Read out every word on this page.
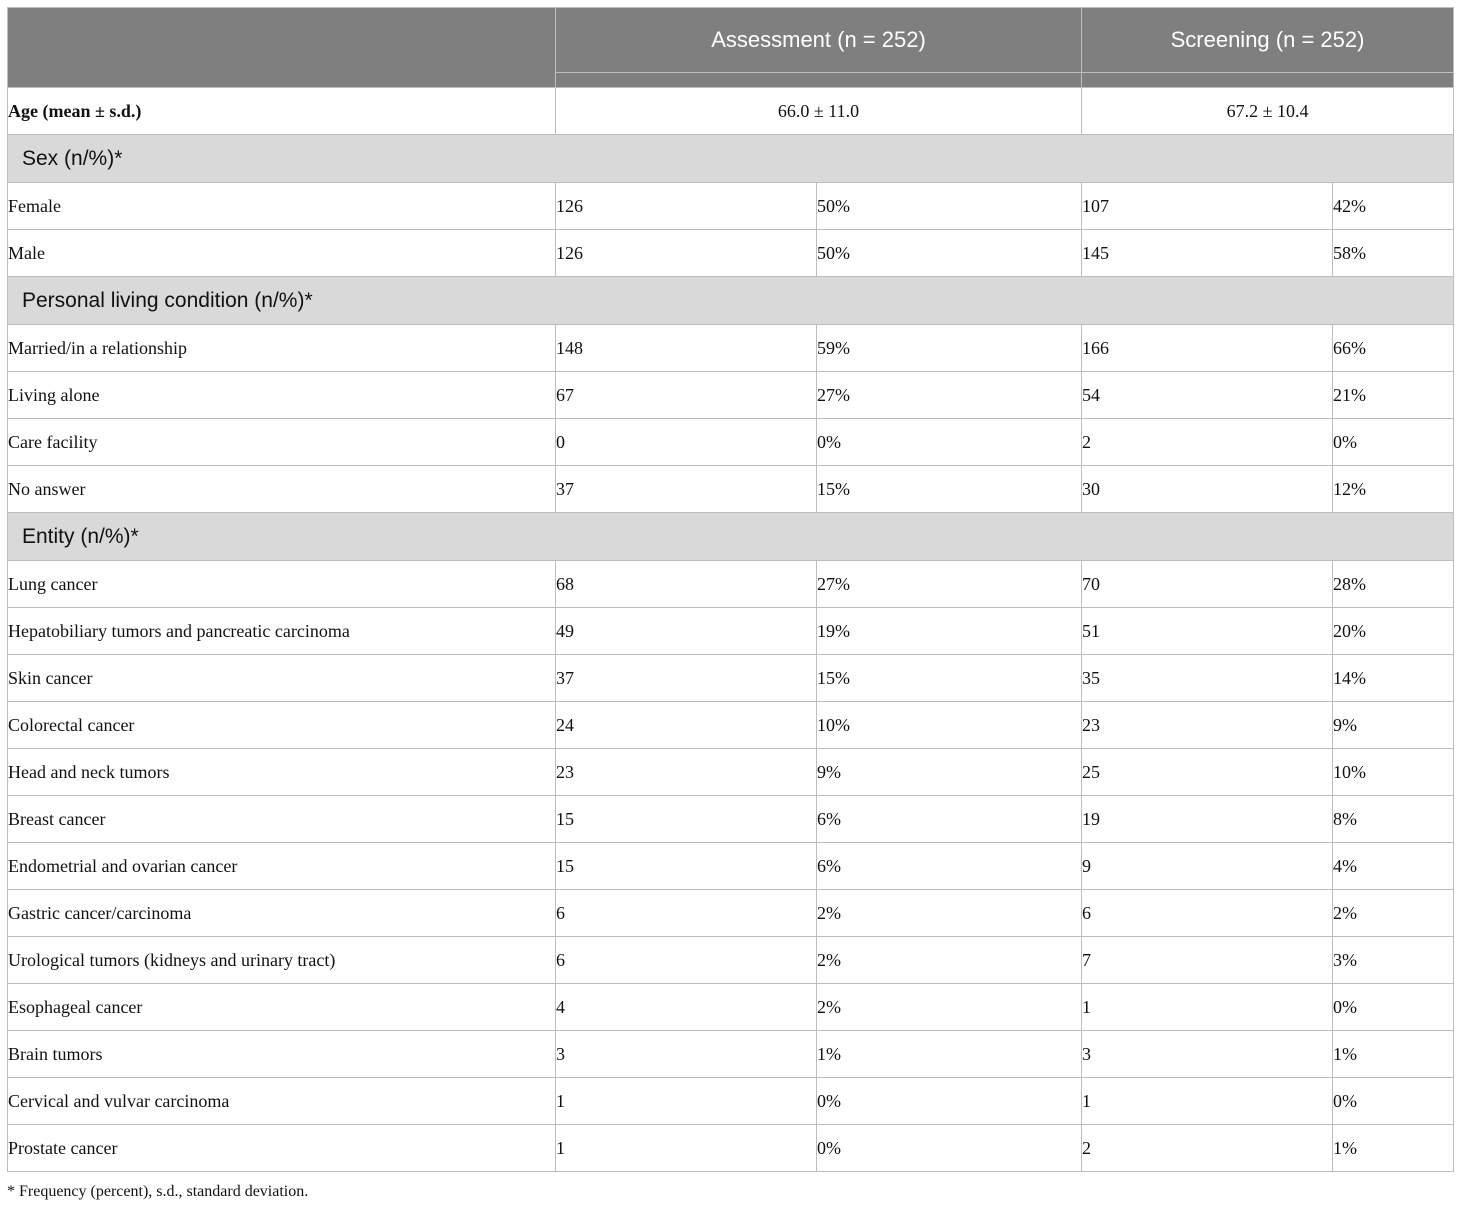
	Assessment (n = 252)		Screening (n = 252)	

Age (mean ± s.d.)	66.0 ± 11.0		67.2 ± 10.4	
Sex (n/%)*				
Female	126	50%	107	42%
Male	126	50%	145	58%
Personal living condition (n/%)*				
Married/in a relationship	148	59%	166	66%
Living alone	67	27%	54	21%
Care facility	0	0%	2	0%
No answer	37	15%	30	12%
Entity (n/%)*				
Lung cancer	68	27%	70	28%
Hepatobiliary tumors and pancreatic carcinoma	49	19%	51	20%
Skin cancer	37	15%	35	14%
Colorectal cancer	24	10%	23	9%
Head and neck tumors	23	9%	25	10%
Breast cancer	15	6%	19	8%
Endometrial and ovarian cancer	15	6%	9	4%
Gastric cancer/carcinoma	6	2%	6	2%
Urological tumors (kidneys and urinary tract)	6	2%	7	3%
Esophageal cancer	4	2%	1	0%
Brain tumors	3	1%	3	1%
Cervical and vulvar carcinoma	1	0%	1	0%
Prostate cancer	1	0%	2	1%
* Frequency (percent), s.d., standard deviation.
